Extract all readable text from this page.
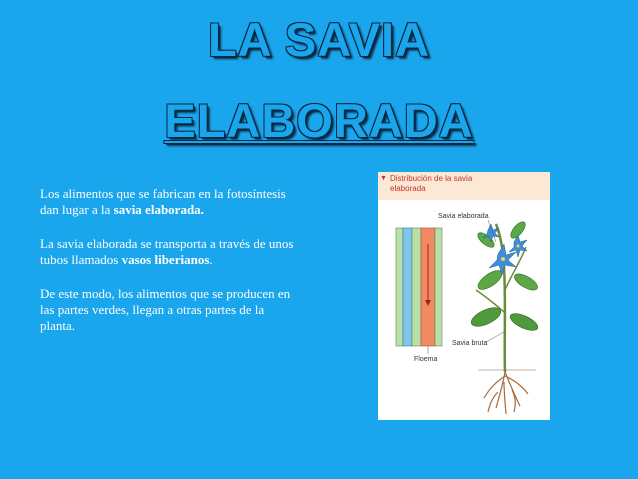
LA SAVIA
ELABORADA

Los alimentos que se fabrican en la fotosíntesis dan lugar a la savia elaborada.

La savia elaborada se transporta a través de unos tubos llamados vasos liberianos.

De este modo, los alimentos que se producen en las partes verdes, llegan a otras partes de la planta.

▼ Distribución de la savia
elaborada
Savia elaborada
Savia bruta
Floema
